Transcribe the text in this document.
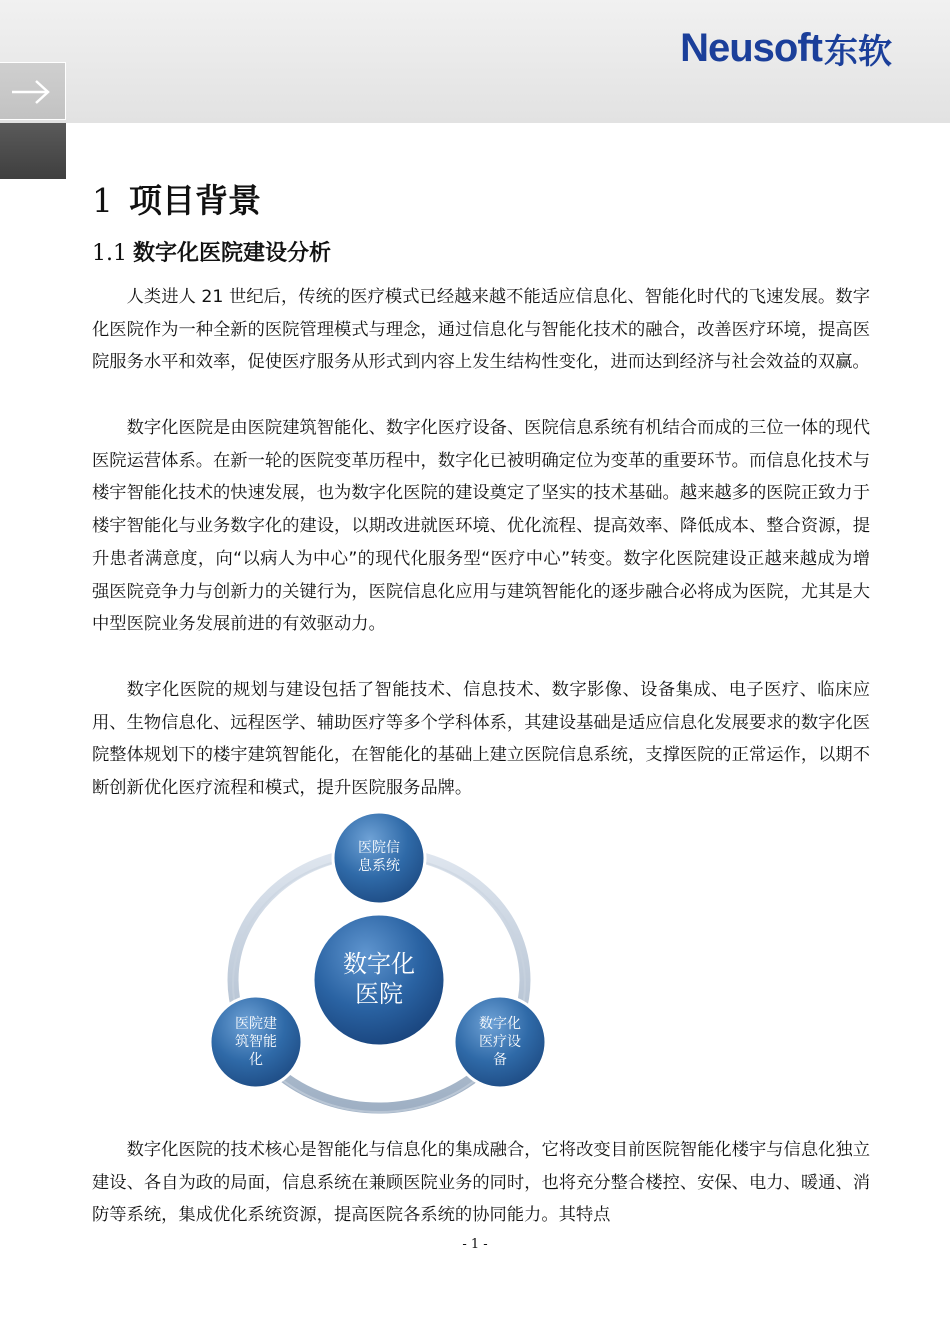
Neusoft 东软
1 项目背景
1.1 数字化医院建设分析

人类进人 21 世纪后，传统的医疗模式已经越来越不能适应信息化、智能化时代的飞速发展。数字化医院作为一种全新的医院管理模式与理念，通过信息化与智能化技术的融合，改善医疗环境，提高医院服务水平和效率，促使医疗服务从形式到内容上发生结构性变化，进而达到经济与社会效益的双赢。

数字化医院是由医院建筑智能化、数字化医疗设备、医院信息系统有机结合而成的三位一体的现代医院运营体系。在新一轮的医院变革历程中，数字化已被明确定位为变革的重要环节。而信息化技术与楼宇智能化技术的快速发展，也为数字化医院的建设奠定了坚实的技术基础。越来越多的医院正致力于楼宇智能化与业务数字化的建设，以期改进就医环境、优化流程、提高效率、降低成本、整合资源，提升患者满意度，向“以病人为中心”的现代化服务型“医疗中心”转变。数字化医院建设正越来越成为增强医院竞争力与创新力的关键行为，医院信息化应用与建筑智能化的逐步融合必将成为医院，尤其是大中型医院业务发展前进的有效驱动力。

数字化医院的规划与建设包括了智能技术、信息技术、数字影像、设备集成、电子医疗、临床应用、生物信息化、远程医学、辅助医疗等多个学科体系，其建设基础是适应信息化发展要求的数字化医院整体规划下的楼宇建筑智能化，在智能化的基础上建立医院信息系统，支撑医院的正常运作，以期不断创新优化医疗流程和模式，提升医院服务品牌。

数字化
医院
医院信
息系统
医院建
筑智能
化
数字化
医疗设
备

数字化医院的技术核心是智能化与信息化的集成融合，它将改变目前医院智能化楼宇与信息化独立建设、各自为政的局面，信息系统在兼顾医院业务的同时，也将充分整合楼控、安保、电力、暖通、消防等系统，集成优化系统资源，提高医院各系统的协同能力。其特点

- 1 -
